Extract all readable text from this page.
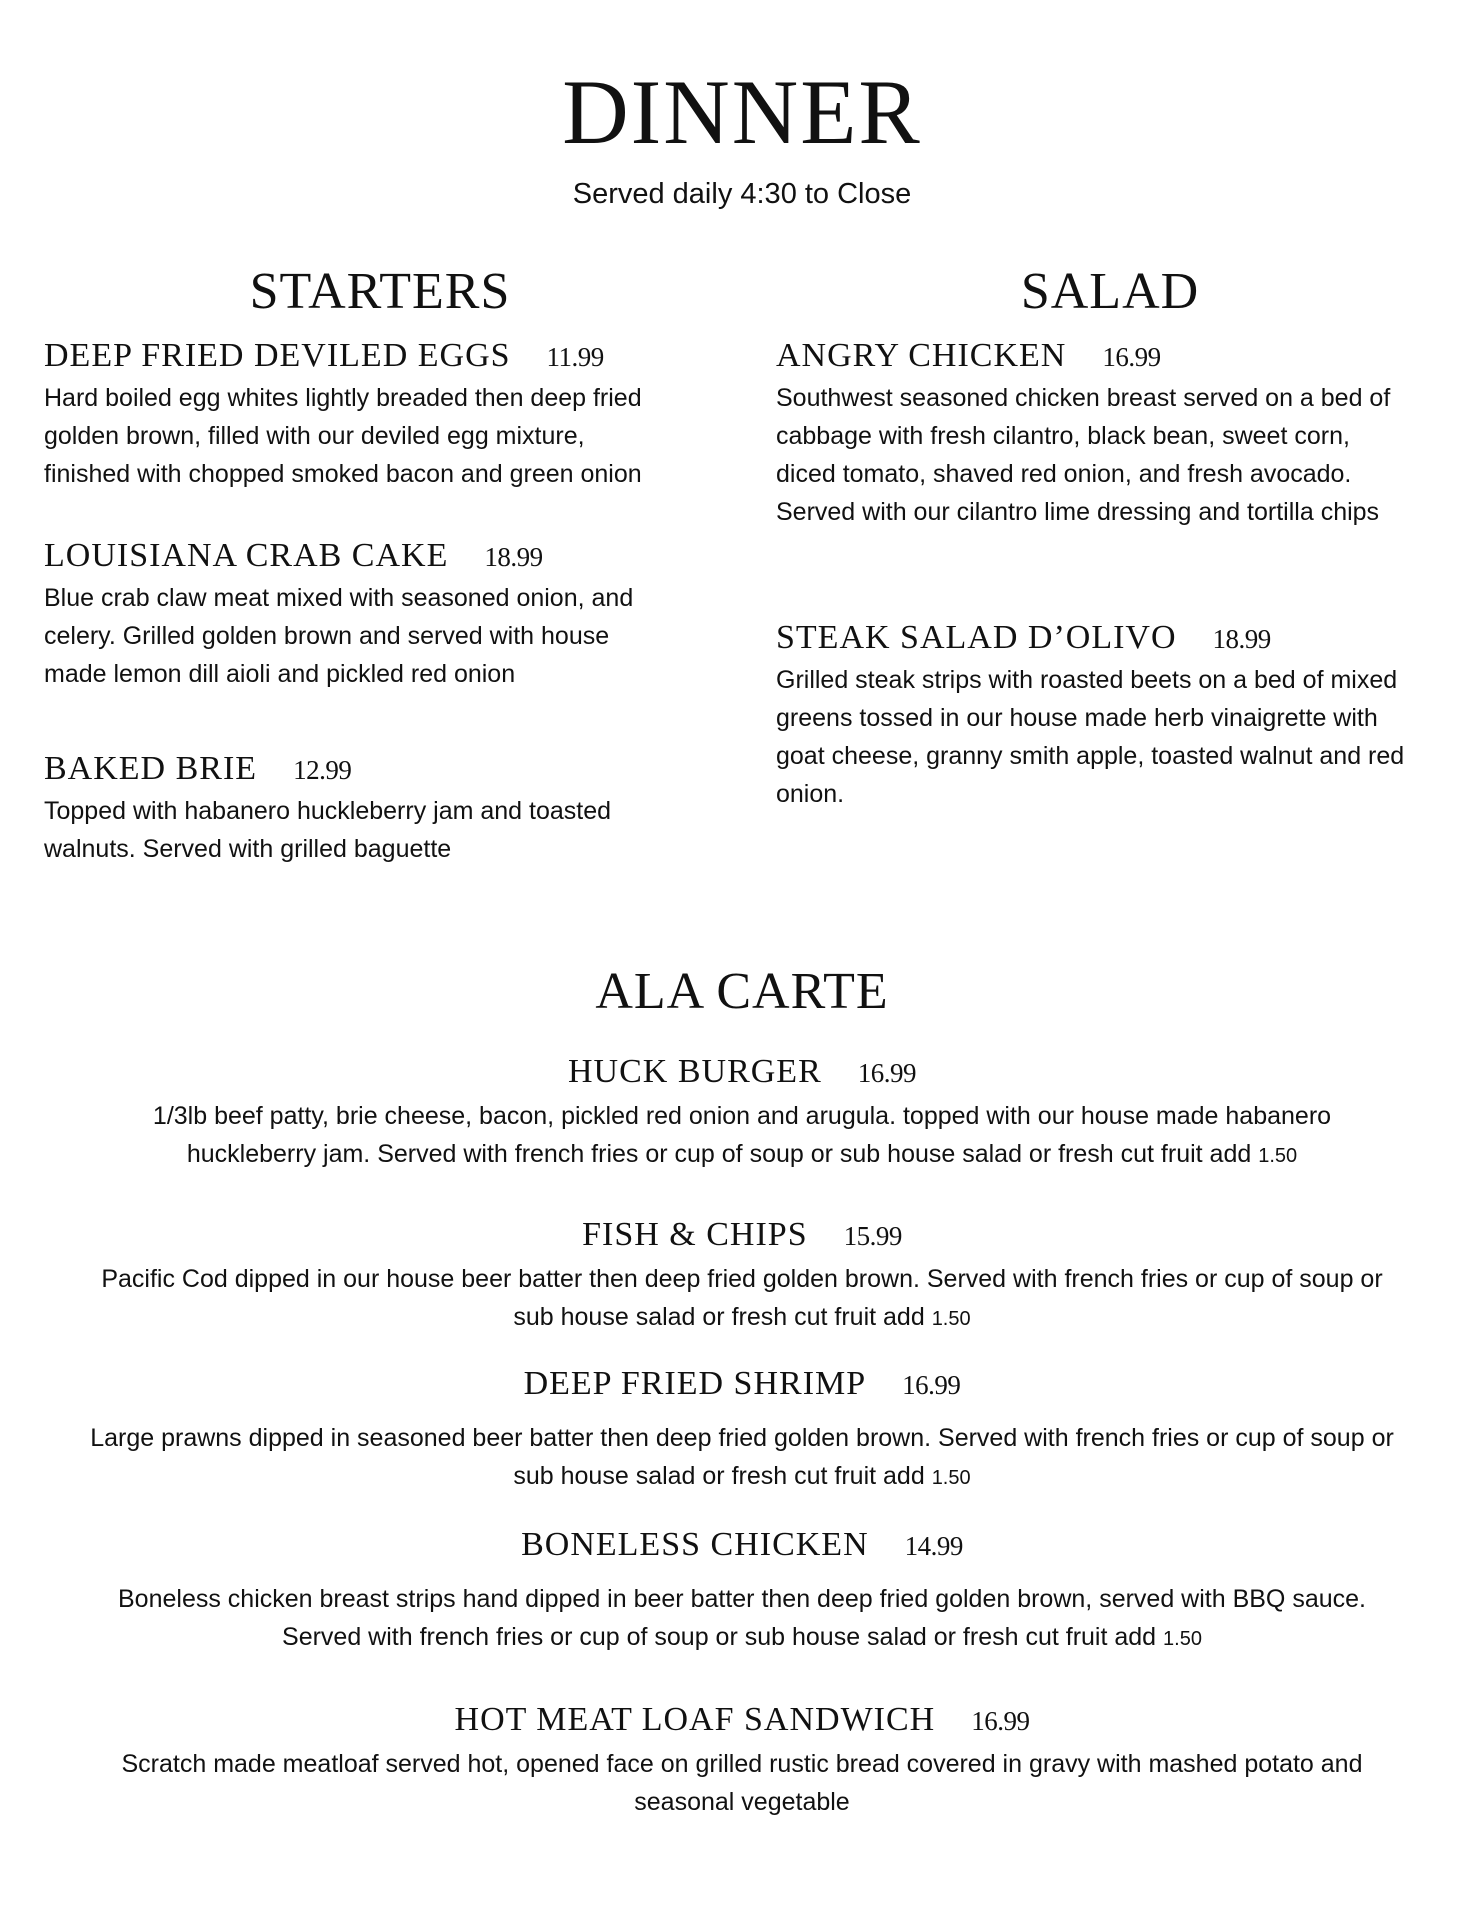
DINNER
Served daily 4:30 to Close
STARTERS
DEEP FRIED DEVILED EGGS 11.99
Hard boiled egg whites lightly breaded then deep fried
golden brown, filled with our deviled egg mixture,
finished with chopped smoked bacon and green onion
LOUISIANA CRAB CAKE 18.99
Blue crab claw meat mixed with seasoned onion, and
celery. Grilled golden brown and served with house
made lemon dill aioli and pickled red onion
BAKED BRIE 12.99
Topped with habanero huckleberry jam and toasted
walnuts. Served with grilled baguette
SALAD
ANGRY CHICKEN 16.99
Southwest seasoned chicken breast served on a bed of
cabbage with fresh cilantro, black bean, sweet corn,
diced tomato, shaved red onion, and fresh avocado.
Served with our cilantro lime dressing and tortilla chips
STEAK SALAD D’OLIVO 18.99
Grilled steak strips with roasted beets on a bed of mixed
greens tossed in our house made herb vinaigrette with
goat cheese, granny smith apple, toasted walnut and red
onion.
ALA CARTE
HUCK BURGER 16.99
1/3lb beef patty, brie cheese, bacon, pickled red onion and arugula. topped with our house made habanero
huckleberry jam. Served with french fries or cup of soup or sub house salad or fresh cut fruit add 1.50
FISH & CHIPS 15.99
Pacific Cod dipped in our house beer batter then deep fried golden brown. Served with french fries or cup of soup or
sub house salad or fresh cut fruit add 1.50
DEEP FRIED SHRIMP 16.99
Large prawns dipped in seasoned beer batter then deep fried golden brown. Served with french fries or cup of soup or
sub house salad or fresh cut fruit add 1.50
BONELESS CHICKEN 14.99
Boneless chicken breast strips hand dipped in beer batter then deep fried golden brown, served with BBQ sauce.
Served with french fries or cup of soup or sub house salad or fresh cut fruit add 1.50
HOT MEAT LOAF SANDWICH 16.99
Scratch made meatloaf served hot, opened face on grilled rustic bread covered in gravy with mashed potato and
seasonal vegetable
